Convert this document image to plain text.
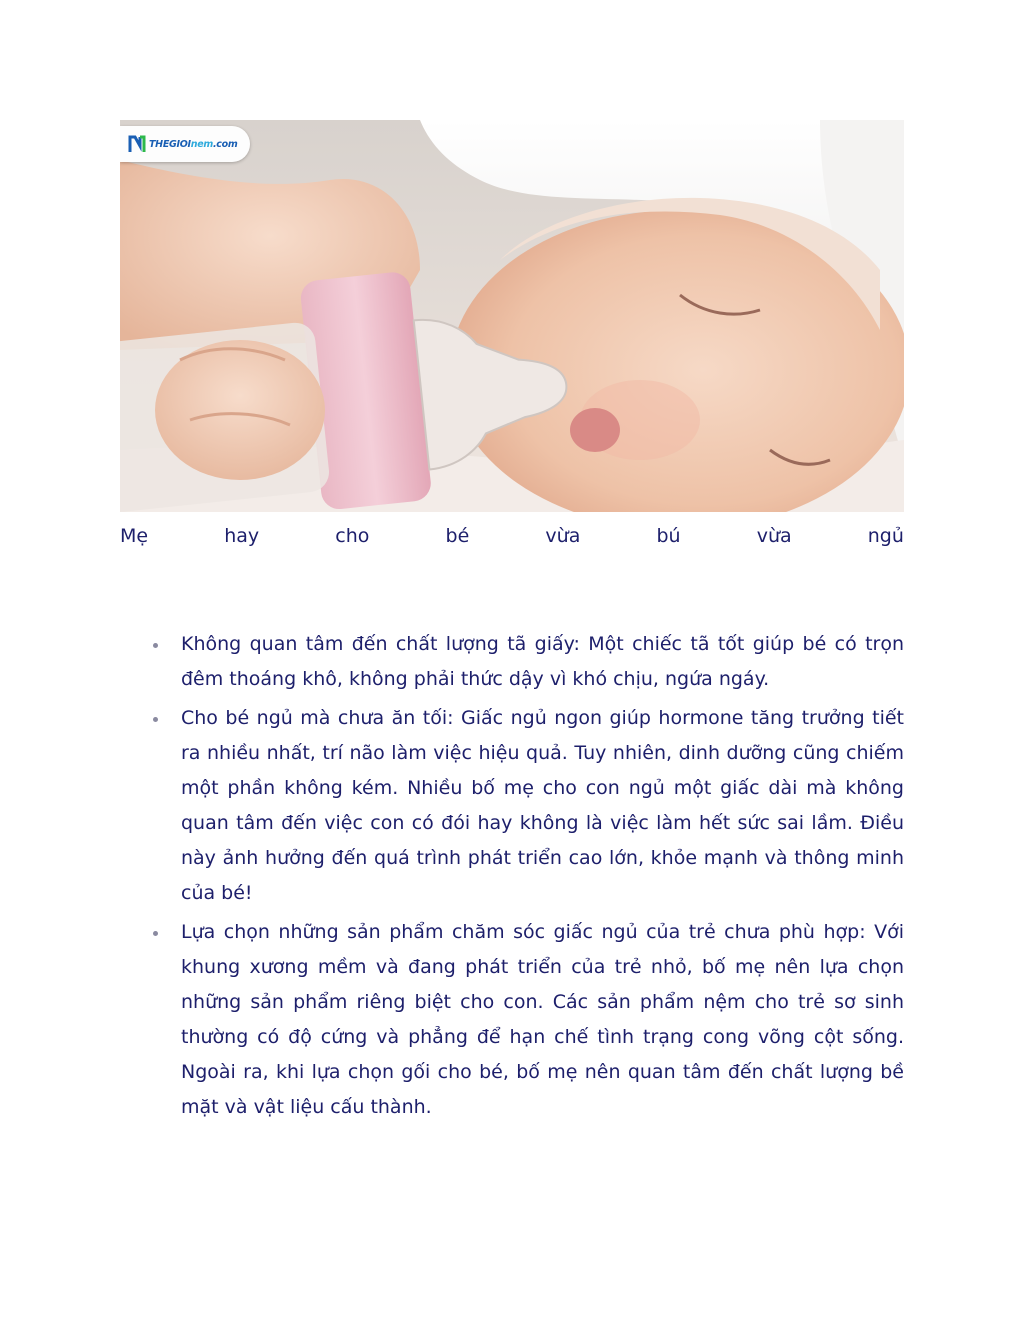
THEGIOInem.com
Mẹ	hay	cho	bé	vừa	bú	vừa	ngủ
Không quan tâm đến chất lượng tã giấy: Một chiếc tã tốt giúp bé có trọn đêm thoáng khô, không phải thức dậy vì khó chịu, ngứa ngáy.
Cho bé ngủ mà chưa ăn tối: Giấc ngủ ngon giúp hormone tăng trưởng tiết ra nhiều nhất, trí não làm việc hiệu quả. Tuy nhiên, dinh dưỡng cũng chiếm một phần không kém. Nhiều bố mẹ cho con ngủ một giấc dài mà không quan tâm đến việc con có đói hay không là việc làm hết sức sai lầm. Điều này ảnh hưởng đến quá trình phát triển cao lớn, khỏe mạnh và thông minh của bé!
Lựa chọn những sản phẩm chăm sóc giấc ngủ của trẻ chưa phù hợp: Với khung xương mềm và đang phát triển của trẻ nhỏ, bố mẹ nên lựa chọn những sản phẩm riêng biệt cho con. Các sản phẩm nệm cho trẻ sơ sinh thường có độ cứng và phẳng để hạn chế tình trạng cong võng cột sống. Ngoài ra, khi lựa chọn gối cho bé, bố mẹ nên quan tâm đến chất lượng bề mặt và vật liệu cấu thành.
